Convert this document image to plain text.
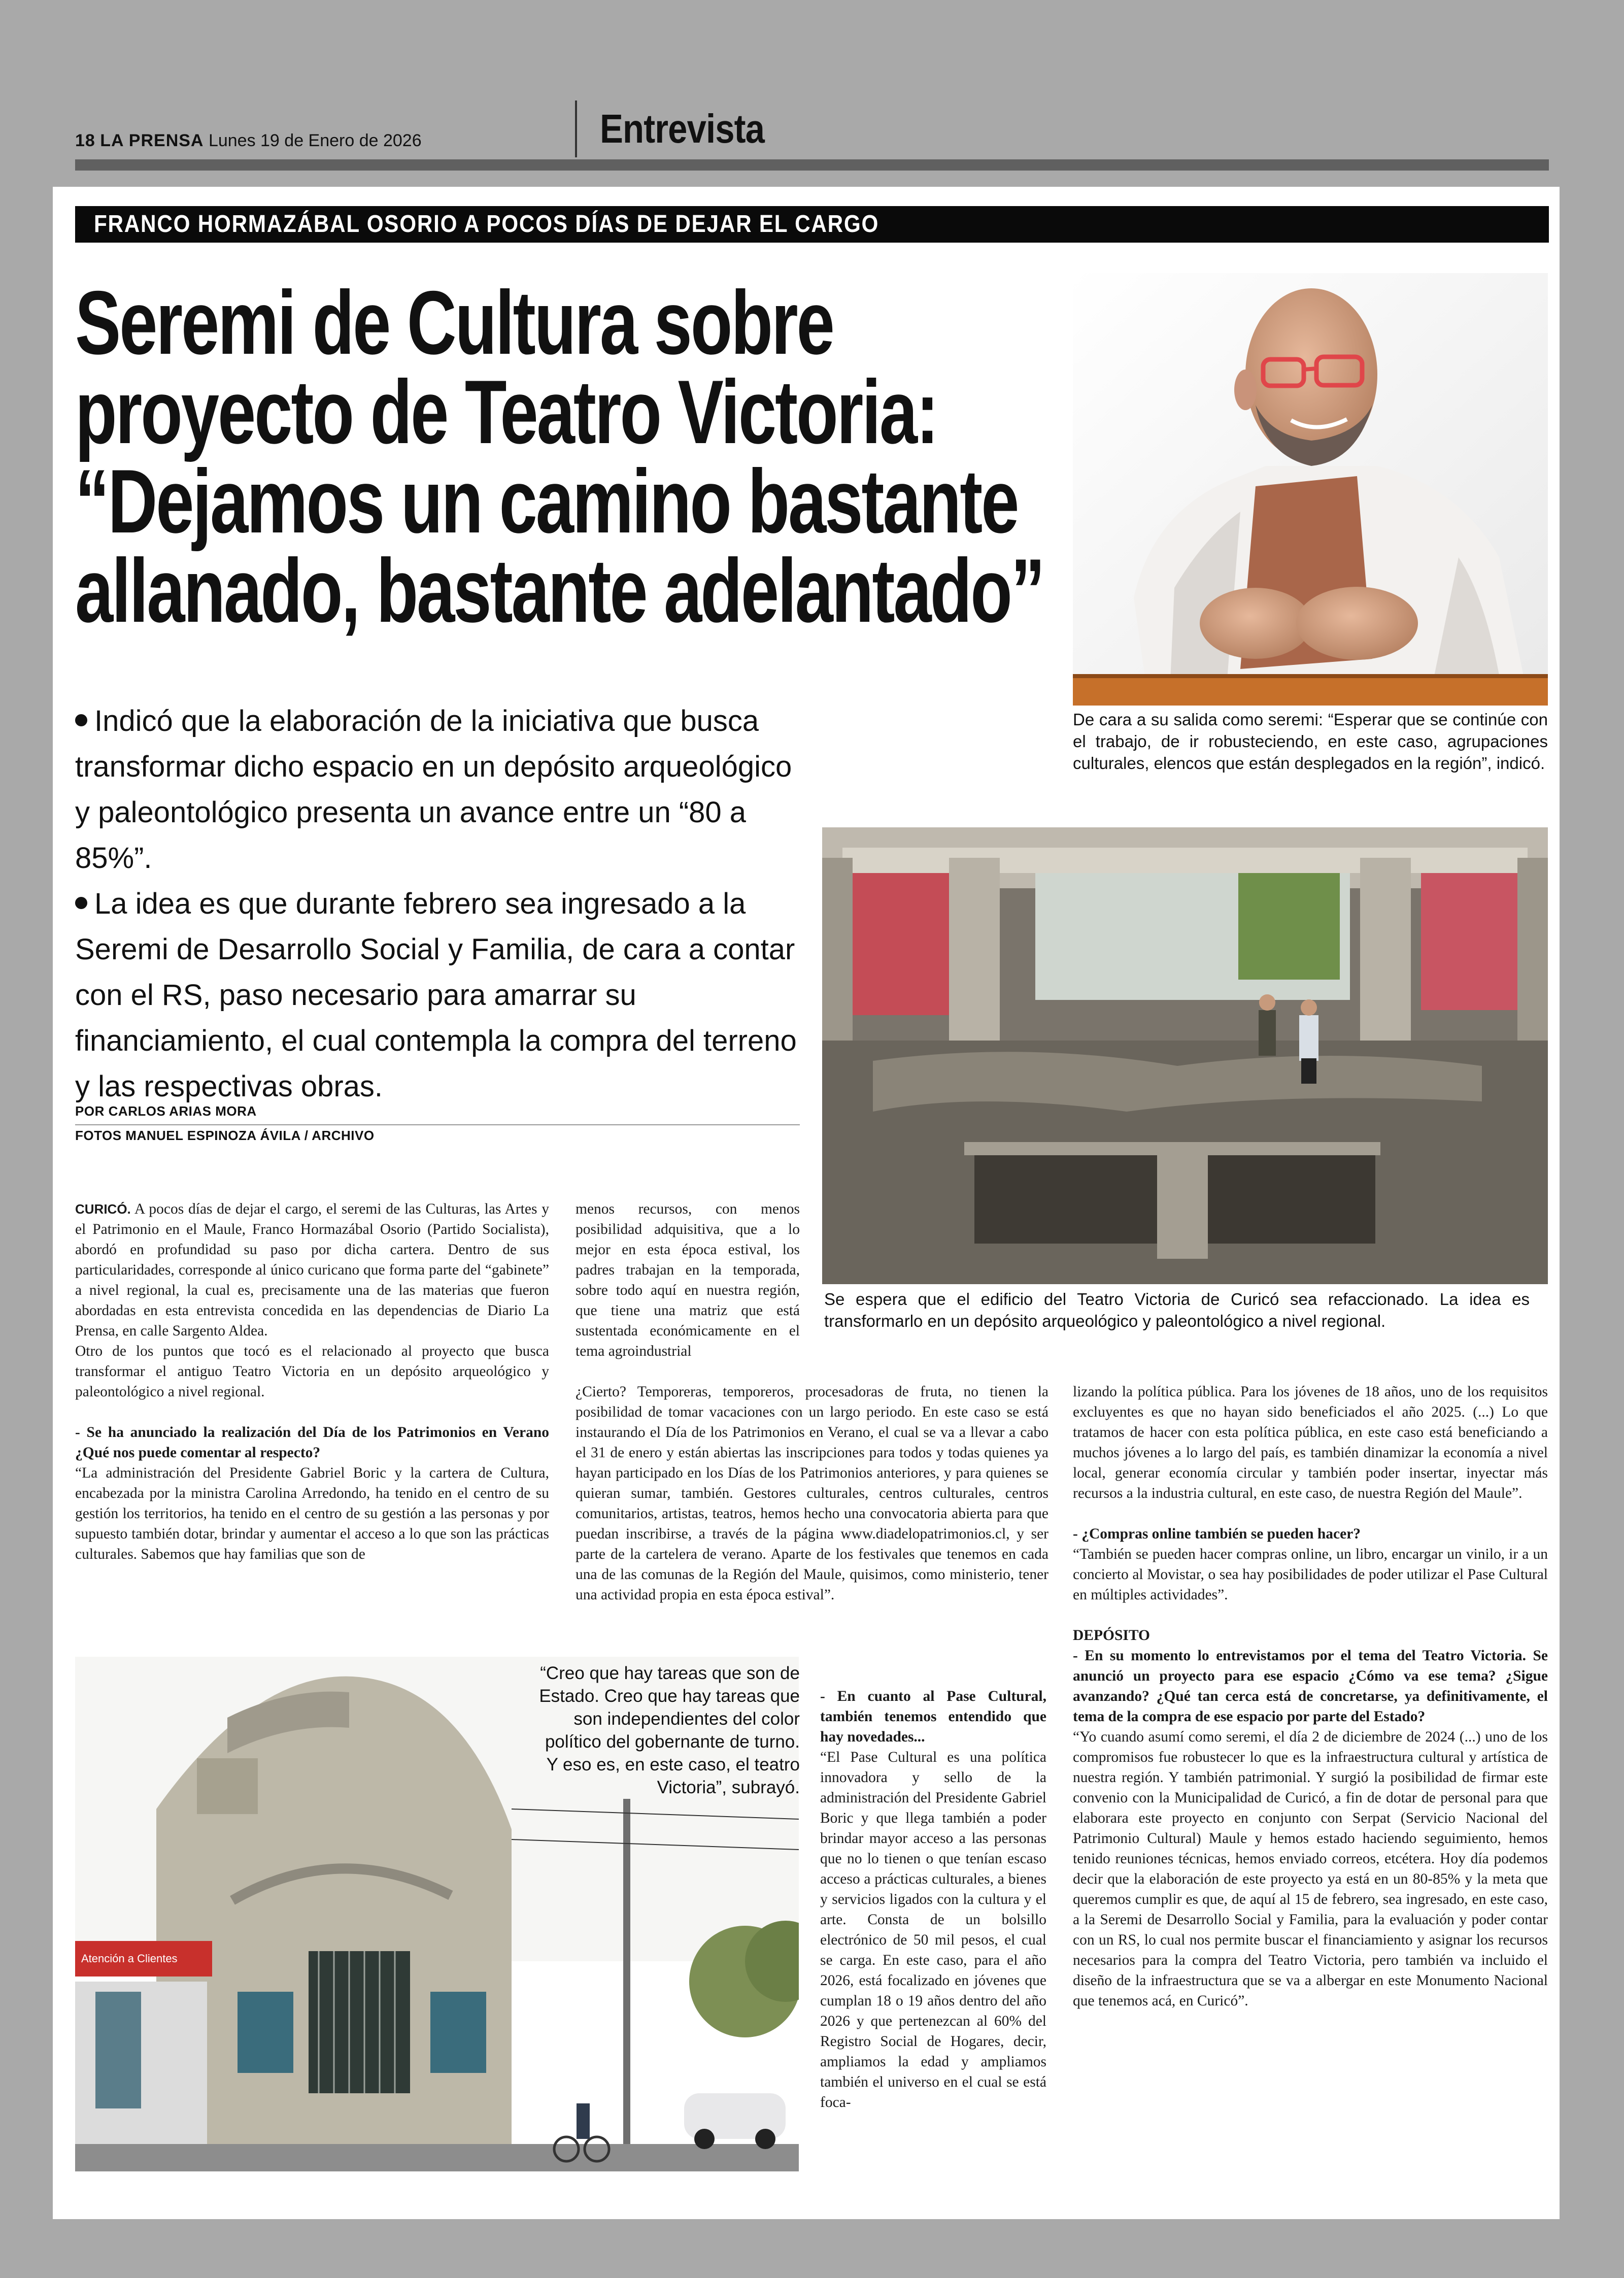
18 LA PRENSA Lunes 19 de Enero de 2026	Entrevista
FRANCO HORMAZÁBAL OSORIO A POCOS DÍAS DE DEJAR EL CARGO
Seremi de Cultura sobre
proyecto de Teatro Victoria:
“Dejamos un camino bastante
allanado, bastante adelantado”
De cara a su salida como seremi: “Esperar que se continúe con el trabajo, de ir robusteciendo, en este caso, agrupaciones culturales, elencos que están desplegados en la región”, indicó.
Indicó que la elaboración de la iniciativa que busca transformar dicho espacio en un depósito arqueológico y paleontológico presenta un avance entre un “80 a 85%”.
La idea es que durante febrero sea ingresado a la Seremi de Desarrollo Social y Familia, de cara a contar con el RS, paso necesario para amarrar su financiamiento, el cual contempla la compra del terreno y las respectivas obras.
POR CARLOS ARIAS MORA
FOTOS MANUEL ESPINOZA ÁVILA / ARCHIVO
Se espera que el edificio del Teatro Victoria de Curicó sea refaccionado. La idea es transformarlo en un depósito arqueológico y paleontológico a nivel regional.

CURICÓ. A pocos días de dejar el cargo, el seremi de las Culturas, las Artes y el Patrimonio en el Maule, Franco Hormazábal Osorio (Partido Socialista), abordó en profundidad su paso por dicha cartera. Dentro de sus particularidades, corresponde al único curicano que forma parte del “gabinete” a nivel regional, la cual es, precisamente una de las materias que fueron abordadas en esta entrevista concedida en las dependencias de Diario La Prensa, en calle Sargento Aldea.

Otro de los puntos que tocó es el relacionado al proyecto que busca transformar el antiguo Teatro Victoria en un depósito arqueológico y paleontológico a nivel regional.

- Se ha anunciado la realización del Día de los Patrimonios en Verano ¿Qué nos puede comentar al respecto?

“La administración del Presidente Gabriel Boric y la cartera de Cultura, encabezada por la ministra Carolina Arredondo, ha tenido en el centro de su gestión los territorios, ha tenido en el centro de su gestión a las personas y por supuesto también dotar, brindar y aumentar el acceso a lo que son las prácticas culturales. Sabemos que hay familias que son de

menos recursos, con menos posibilidad adquisitiva, que a lo mejor en esta época estival, los padres trabajan en la temporada, sobre todo aquí en nuestra región, que tiene una matriz que está sustentada económicamente en el tema agroindustrial

¿Cierto? Temporeras, temporeros, procesadoras de fruta, no tienen la posibilidad de tomar vacaciones con un largo periodo. En este caso se está instaurando el Día de los Patrimonios en Verano, el cual se va a llevar a cabo el 31 de enero y están abiertas las inscripciones para todos y todas quienes ya hayan participado en los Días de los Patrimonios anteriores, y para quienes se quieran sumar, también. Gestores culturales, centros culturales, centros comunitarios, artistas, teatros, hemos hecho una convocatoria abierta para que puedan inscribirse, a través de la página www.diadelopatrimonios.cl, y ser parte de la cartelera de verano. Aparte de los festivales que tenemos en cada una de las comunas de la Región del Maule, quisimos, como ministerio, tener una actividad propia en esta época estival”.

Atención a Clientes
“Creo que hay tareas que son de Estado. Creo que hay tareas que son independientes del color político del gobernante de turno. Y eso es, en este caso, el teatro Victoria”, subrayó.

- En cuanto al Pase Cultural, también tenemos entendido que hay novedades...

“El Pase Cultural es una política innovadora y sello de la administración del Presidente Gabriel Boric y que llega también a poder brindar mayor acceso a las personas que no lo tienen o que tenían escaso acceso a prácticas culturales, a bienes y servicios ligados con la cultura y el arte. Consta de un bolsillo electrónico de 50 mil pesos, el cual se carga. En este caso, para el año 2026, está focalizado en jóvenes que cumplan 18 o 19 años dentro del año 2026 y que pertenezcan al 60% del Registro Social de Hogares, decir, ampliamos la edad y ampliamos también el universo en el cual se está foca-

lizando la política pública. Para los jóvenes de 18 años, uno de los requisitos excluyentes es que no hayan sido beneficiados el año 2025. (...) Lo que tratamos de hacer con esta política pública, en este caso está beneficiando a muchos jóvenes a lo largo del país, es también dinamizar la economía a nivel local, generar economía circular y también poder insertar, inyectar más recursos a la industria cultural, en este caso, de nuestra Región del Maule”.

- ¿Compras online también se pueden hacer?

“También se pueden hacer compras online, un libro, encargar un vinilo, ir a un concierto al Movistar, o sea hay posibilidades de poder utilizar el Pase Cultural en múltiples actividades”.

DEPÓSITO

- En su momento lo entrevistamos por el tema del Teatro Victoria. Se anunció un proyecto para ese espacio ¿Cómo va ese tema? ¿Sigue avanzando? ¿Qué tan cerca está de concretarse, ya definitivamente, el tema de la compra de ese espacio por parte del Estado?

“Yo cuando asumí como seremi, el día 2 de diciembre de 2024 (...) uno de los compromisos fue robustecer lo que es la infraestructura cultural y artística de nuestra región. Y también patrimonial. Y surgió la posibilidad de firmar este convenio con la Municipalidad de Curicó, a fin de dotar de personal para que elaborara este proyecto en conjunto con Serpat (Servicio Nacional del Patrimonio Cultural) Maule y hemos estado haciendo seguimiento, hemos tenido reuniones técnicas, hemos enviado correos, etcétera. Hoy día podemos decir que la elaboración de este proyecto ya está en un 80-85% y la meta que queremos cumplir es que, de aquí al 15 de febrero, sea ingresado, en este caso, a la Seremi de Desarrollo Social y Familia, para la evaluación y poder contar con un RS, lo cual nos permite buscar el financiamiento y asignar los recursos necesarios para la compra del Teatro Victoria, pero también va incluido el diseño de la infraestructura que se va a albergar en este Monumento Nacional que tenemos acá, en Curicó”.
